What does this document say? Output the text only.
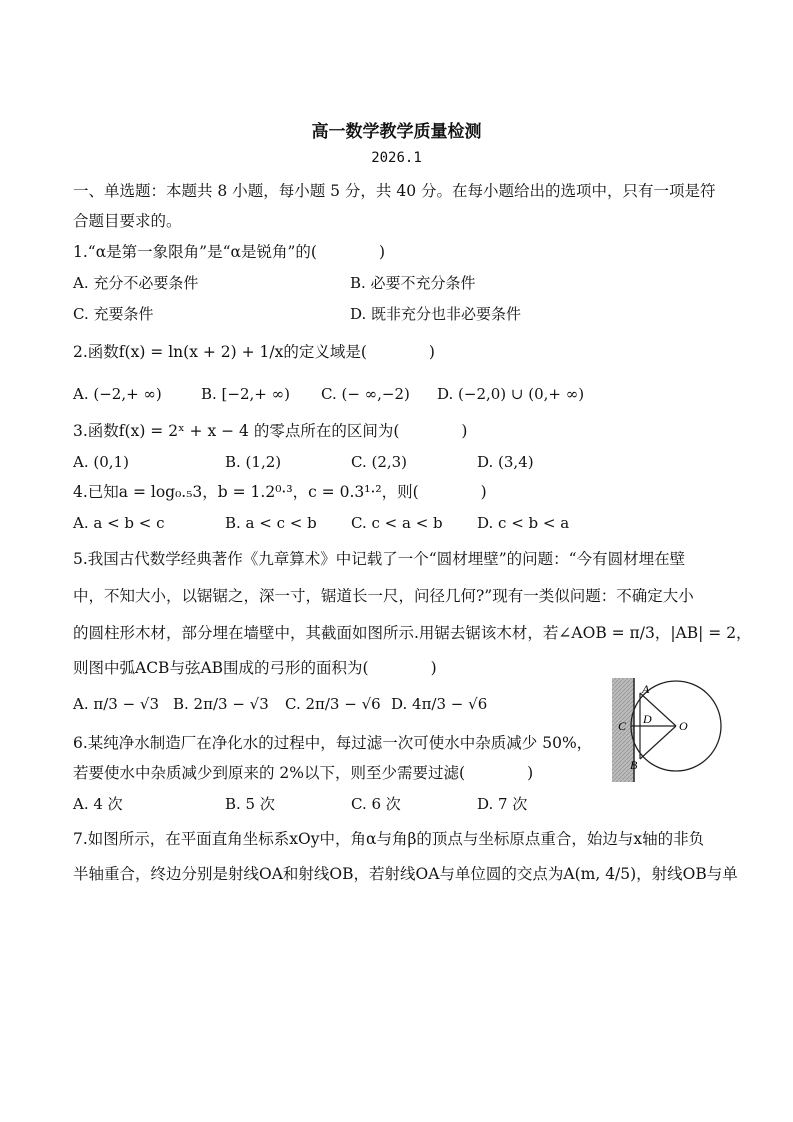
高一数学教学质量检测
2026.1
一、单选题：本题共 8 小题，每小题 5 分，共 40 分。在每小题给出的选项中，只有一项是符
合题目要求的。
1.“α是第一象限角”是“α是锐角”的(　　　　)
A. 充分不必要条件	B. 必要不充分条件
C. 充要条件	D. 既非充分也非必要条件
2.函数f(x) = ln(x + 2) + 1/x的定义域是(　　　　)
A. (−2,+ ∞)	B. [−2,+ ∞) C. (− ∞,−2) D. (−2,0) ∪ (0,+ ∞)
3.函数f(x) = 2ˣ + x − 4 的零点所在的区间为(　　　　)
A. (0,1)	B. (1,2)	C. (2,3)	D. (3,4)
4.已知a = log₀.₅3，b = 1.2⁰·³，c = 0.3¹·²，则(　　　　)
A. a < b < c	B. a < c < b C. c < a < b D. c < b < a
5.我国古代数学经典著作《九章算术》中记载了一个“圆材埋壁”的问题：“今有圆材埋在壁
中，不知大小，以锯锯之，深一寸，锯道长一尺，问径几何?”现有一类似问题：不确定大小
的圆柱形木材，部分埋在墙壁中，其截面如图所示.用锯去锯该木材，若∠AOB = π/3，|AB| = 2，
则图中弧ACB与弦AB围成的弓形的面积为(　　　　)
A. π/3 − √3 B. 2π/3 − √3 C. 2π/3 − √6 D. 4π/3 − √6
6.某纯净水制造厂在净化水的过程中，每过滤一次可使水中杂质减少 50%，
若要使水中杂质减少到原来的 2%以下，则至少需要过滤(　　　　)
A. 4 次	B. 5 次	C. 6 次	D. 7 次
7.如图所示，在平面直角坐标系xOy中，角α与角β的顶点与坐标原点重合，始边与x轴的非负
半轴重合，终边分别是射线OA和射线OB，若射线OA与单位圆的交点为A(m, 4/5)，射线OB与单
A
B
C D O
